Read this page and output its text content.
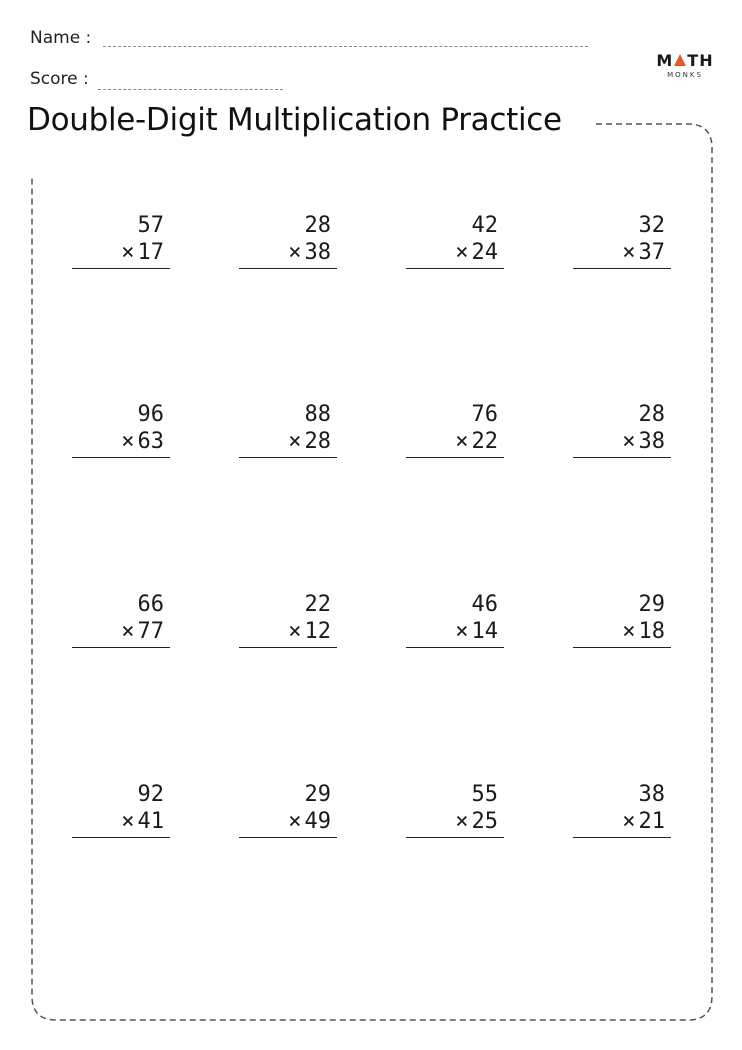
Name :
Score :
M TH
MONKS
Double-Digit Multiplication Practice
57
× 17
28
× 38
42
× 24
32
× 37
96
× 63
88
× 28
76
× 22
28
× 38
66
× 77
22
× 12
46
× 14
29
× 18
92
× 41
29
× 49
55
× 25
38
× 21
